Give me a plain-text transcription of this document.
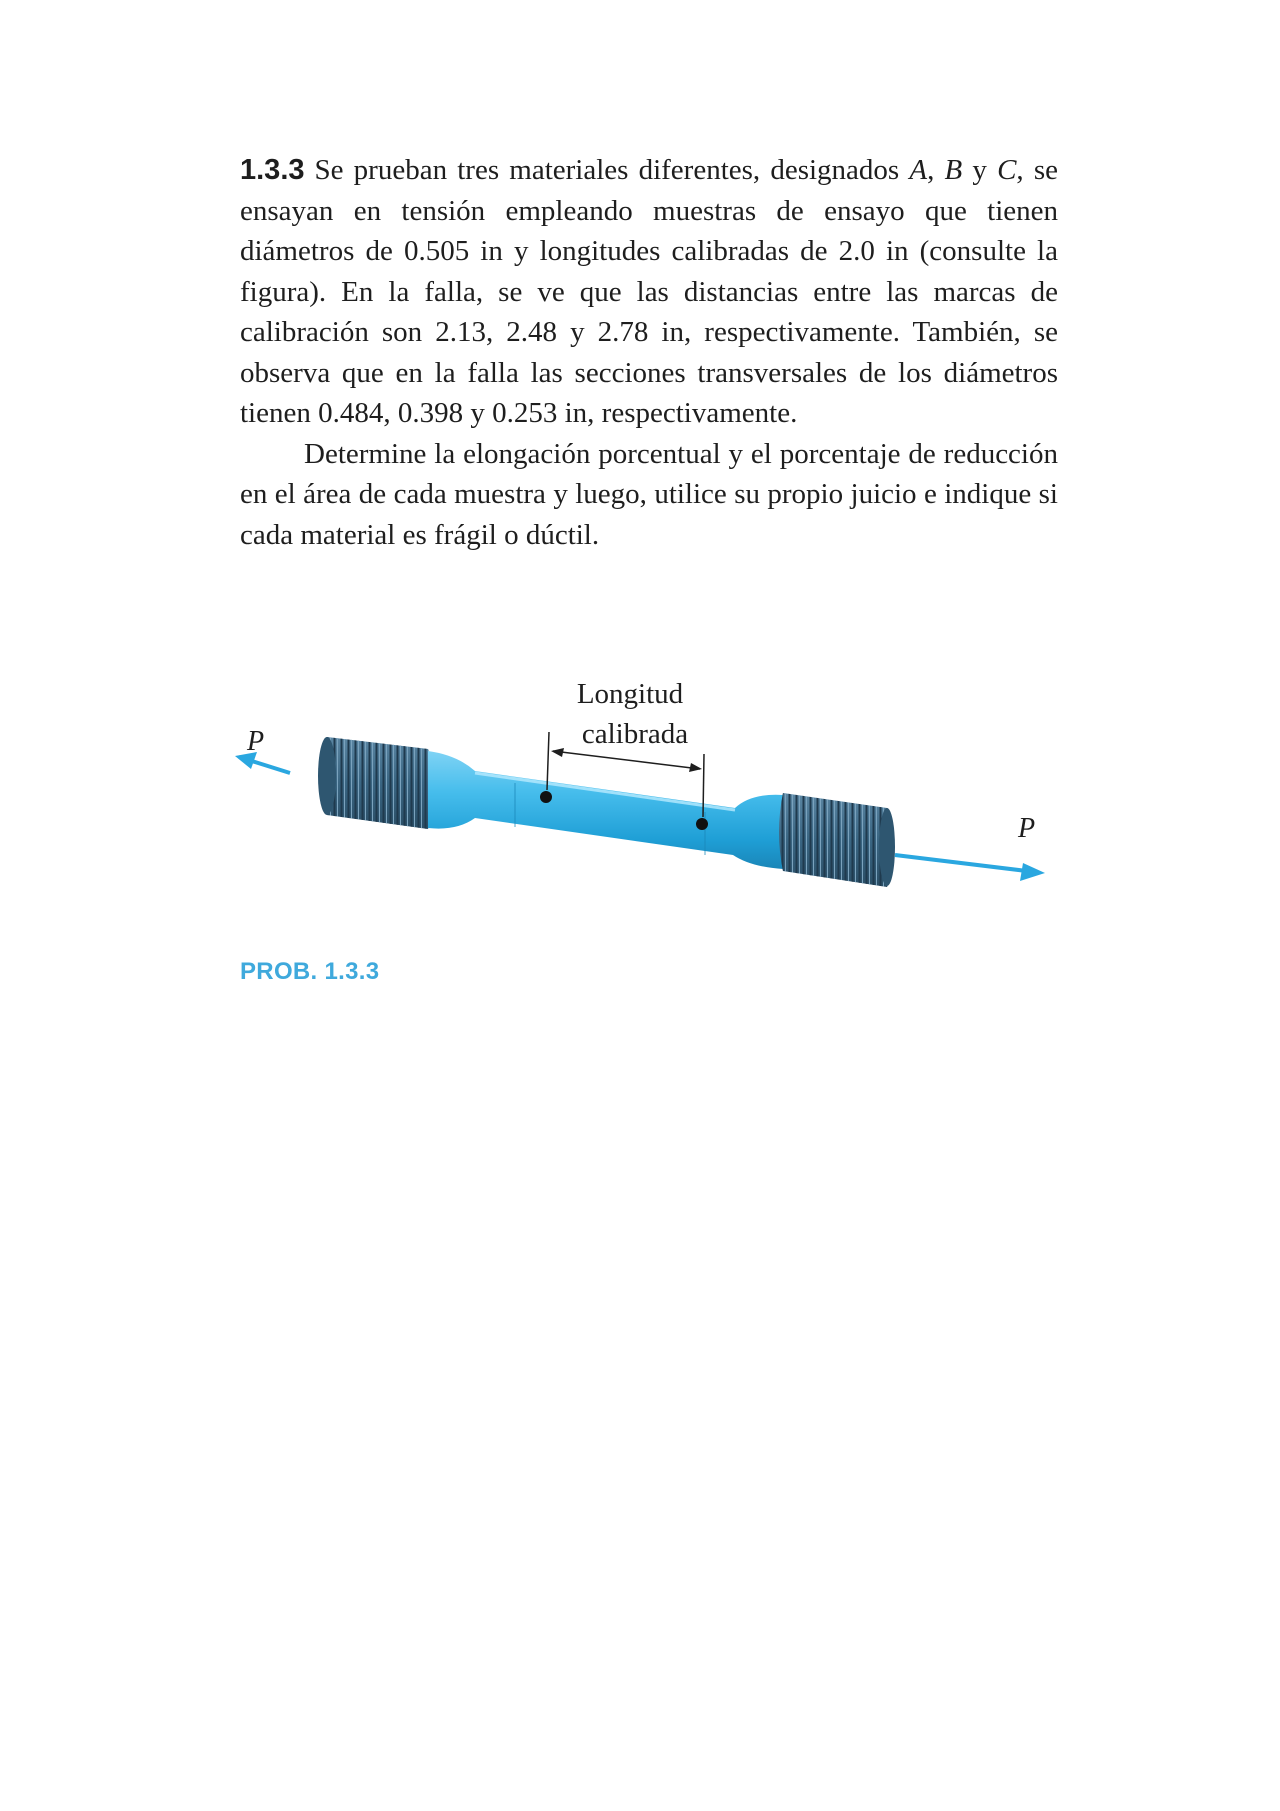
1.3.3 Se prueban tres materiales diferentes, designados A, B y C, se ensayan en tensión empleando muestras de ensayo que tienen diámetros de 0.505 in y longitudes calibradas de 2.0 in (consulte la figura). En la falla, se ve que las distancias entre las marcas de calibración son 2.13, 2.48 y 2.78 in, respectivamente. También, se observa que en la falla las secciones transversales de los diámetros tienen 0.484, 0.398 y 0.253 in, respectivamente.

Determine la elongación porcentual y el porcentaje de reducción en el área de cada muestra y luego, utilice su propio juicio e indique si cada material es frágil o dúctil.

P
P
Longitud
calibrada
PROB. 1.3.3
